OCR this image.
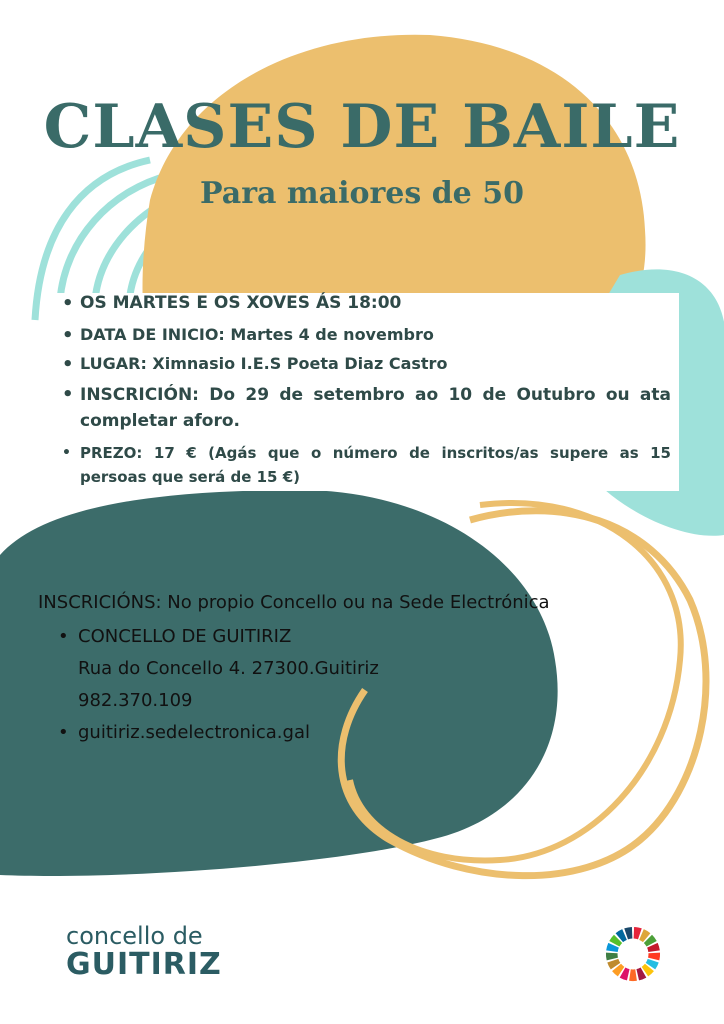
CLASES DE BAILE
Para maiores de 50
• OS MARTES E OS XOVES ÁS 18:00
• DATA DE INICIO: Martes 4 de novembro
• LUGAR: Ximnasio I.E.S Poeta Diaz Castro
• INSCRICIÓN: Do 29 de setembro ao 10 de Outubro ou ata completar aforo.
• PREZO: 17 € (Agás que o número de inscritos/as supere as 15 persoas que será de 15 €)

INSCRICIÓNS: No propio Concello ou na Sede Electrónica

• CONCELLO DE GUITIRIZ
Rua do Concello 4. 27300.Guitiriz
982.370.109
• guitiriz.sedelectronica.gal

concello de

GUITIRIZ
